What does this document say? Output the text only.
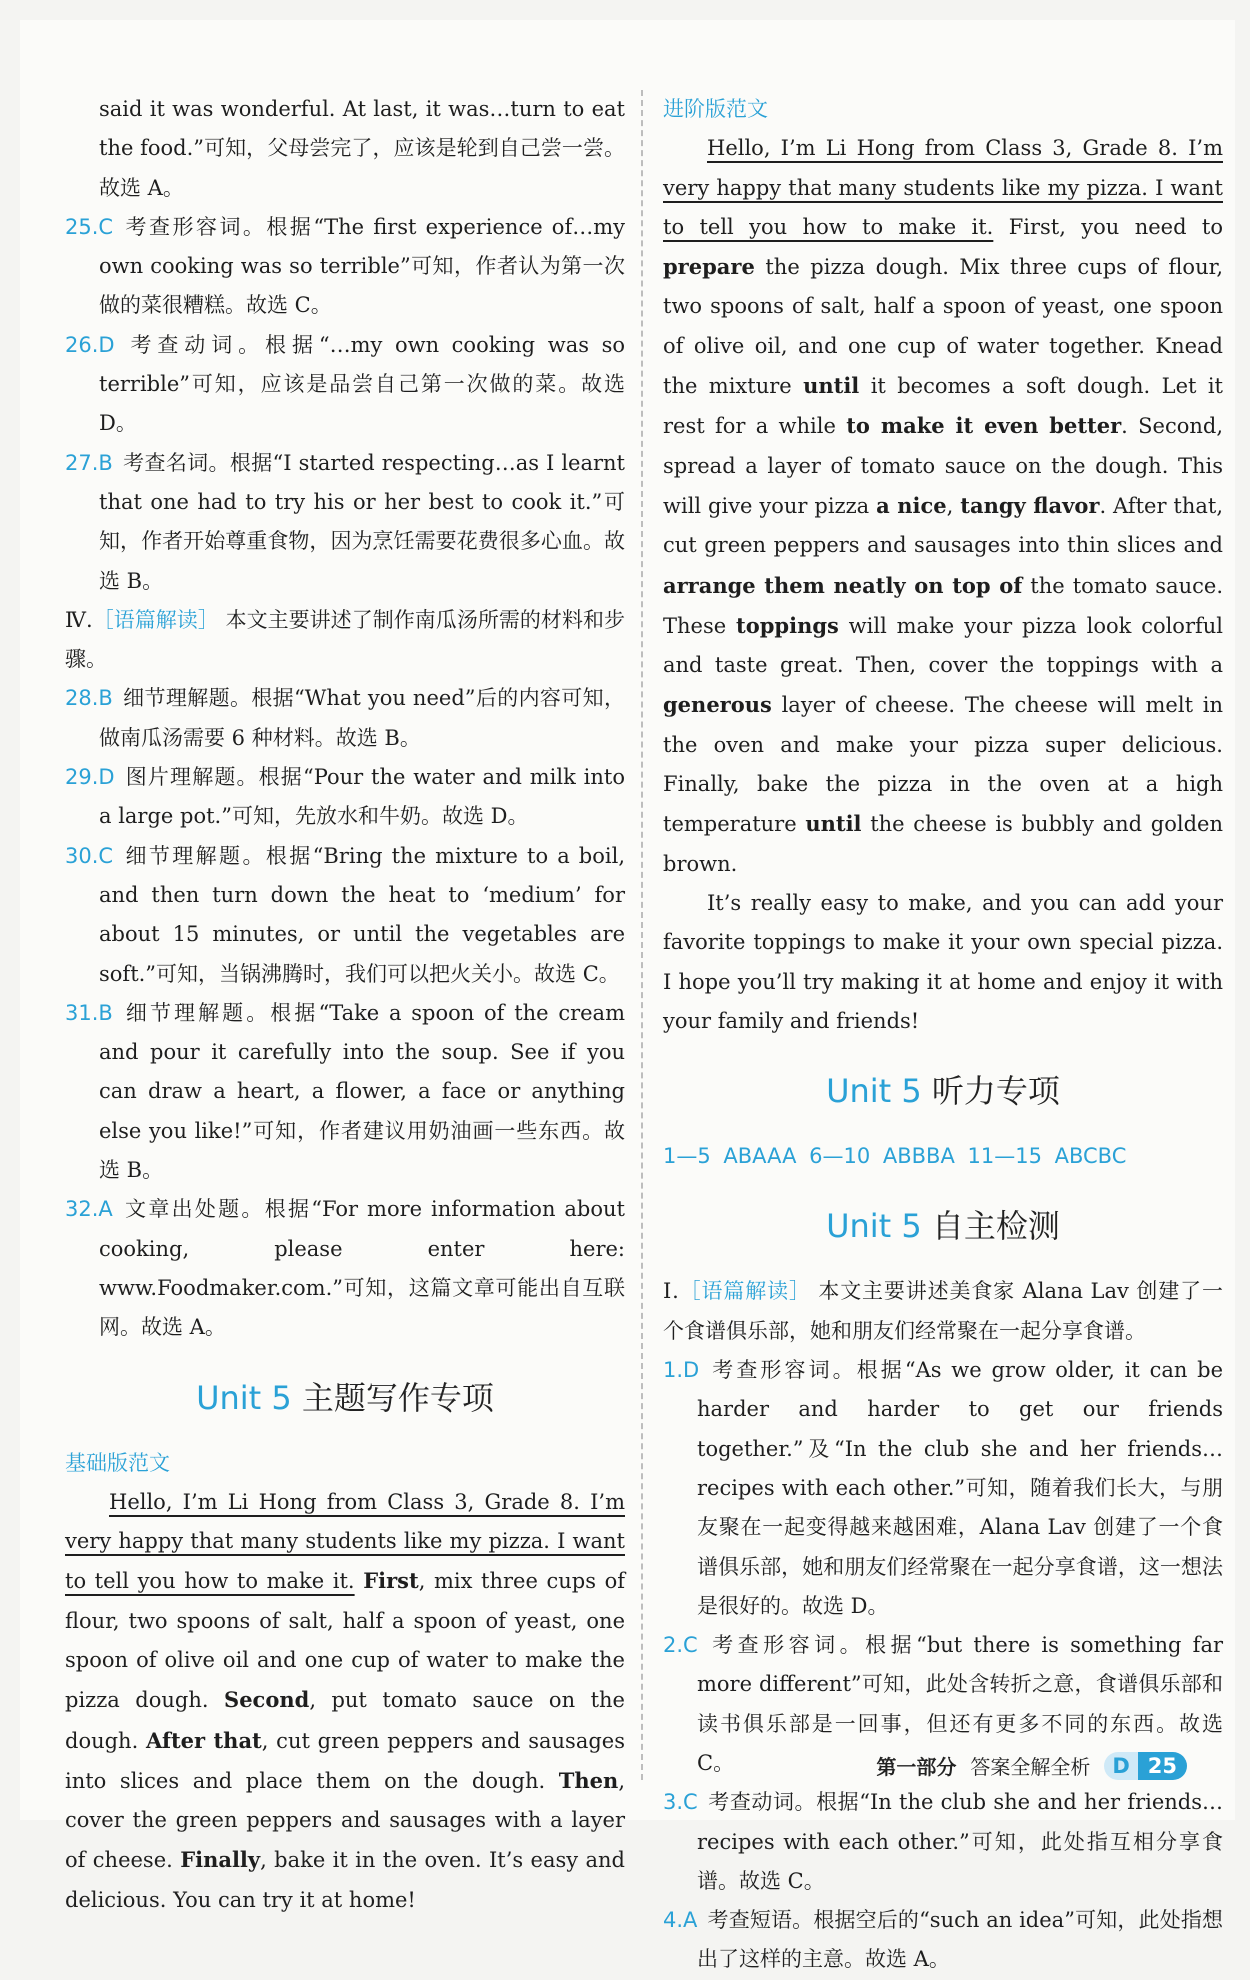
said it was wonderful. At last, it was…turn to eat the food.”可知，父母尝完了，应该是轮到自己尝一尝。故选 A。

25.C 考查形容词。根据“The first experience of…my own cooking was so terrible”可知，作者认为第一次做的菜很糟糕。故选 C。

26.D 考查动词。根据“…my own cooking was so terrible”可知，应该是品尝自己第一次做的菜。故选 D。

27.B 考查名词。根据“I started respecting…as I learnt that one had to try his or her best to cook it.”可知，作者开始尊重食物，因为烹饪需要花费很多心血。故选 B。

Ⅳ.［语篇解读］ 本文主要讲述了制作南瓜汤所需的材料和步骤。

28.B 细节理解题。根据“What you need”后的内容可知，做南瓜汤需要 6 种材料。故选 B。

29.D 图片理解题。根据“Pour the water and milk into a large pot.”可知，先放水和牛奶。故选 D。

30.C 细节理解题。根据“Bring the mixture to a boil, and then turn down the heat to ‘medium’ for about 15 minutes, or until the vegetables are soft.”可知，当锅沸腾时，我们可以把火关小。故选 C。

31.B 细节理解题。根据“Take a spoon of the cream and pour it carefully into the soup. See if you can draw a heart, a flower, a face or anything else you like!”可知，作者建议用奶油画一些东西。故选 B。

32.A 文章出处题。根据“For more information about cooking, please enter here: www.Foodmaker.com.”可知，这篇文章可能出自互联网。故选 A。

Unit 5 主题写作专项

基础版范文

Hello, I’m Li Hong from Class 3, Grade 8. I’m very happy that many students like my pizza. I want to tell you how to make it. First, mix three cups of flour, two spoons of salt, half a spoon of yeast, one spoon of olive oil and one cup of water to make the pizza dough. Second, put tomato sauce on the dough. After that, cut green peppers and sausages into slices and place them on the dough. Then, cover the green peppers and sausages with a layer of cheese. Finally, bake it in the oven. It’s easy and delicious. You can try it at home!

进阶版范文

Hello, I’m Li Hong from Class 3, Grade 8. I’m very happy that many students like my pizza. I want to tell you how to make it. First, you need to prepare the pizza dough. Mix three cups of flour, two spoons of salt, half a spoon of yeast, one spoon of olive oil, and one cup of water together. Knead the mixture until it becomes a soft dough. Let it rest for a while to make it even better. Second, spread a layer of tomato sauce on the dough. This will give your pizza a nice, tangy flavor. After that, cut green peppers and sausages into thin slices and arrange them neatly on top of the tomato sauce. These toppings will make your pizza look colorful and taste great. Then, cover the toppings with a generous layer of cheese. The cheese will melt in the oven and make your pizza super delicious. Finally, bake the pizza in the oven at a high temperature until the cheese is bubbly and golden brown.

It’s really easy to make, and you can add your favorite toppings to make it your own special pizza. I hope you’ll try making it at home and enjoy it with your family and friends!

Unit 5 听力专项

1—5 ABAAA 6—10 ABBBA 11—15 ABCBC

Unit 5 自主检测

Ⅰ.［语篇解读］ 本文主要讲述美食家 Alana Lav 创建了一个食谱俱乐部，她和朋友们经常聚在一起分享食谱。

1.D 考查形容词。根据“As we grow older, it can be harder and harder to get our friends together.”及“In the club she and her friends…recipes with each other.”可知，随着我们长大，与朋友聚在一起变得越来越困难，Alana Lav 创建了一个食谱俱乐部，她和朋友们经常聚在一起分享食谱，这一想法是很好的。故选 D。

2.C 考查形容词。根据“but there is something far more different”可知，此处含转折之意，食谱俱乐部和读书俱乐部是一回事，但还有更多不同的东西。故选 C。

3.C 考查动词。根据“In the club she and her friends…recipes with each other.”可知，此处指互相分享食谱。故选 C。

4.A 考查短语。根据空后的“such an idea”可知，此处指想出了这样的主意。故选 A。

第一部分 答案全解全析	D 25
